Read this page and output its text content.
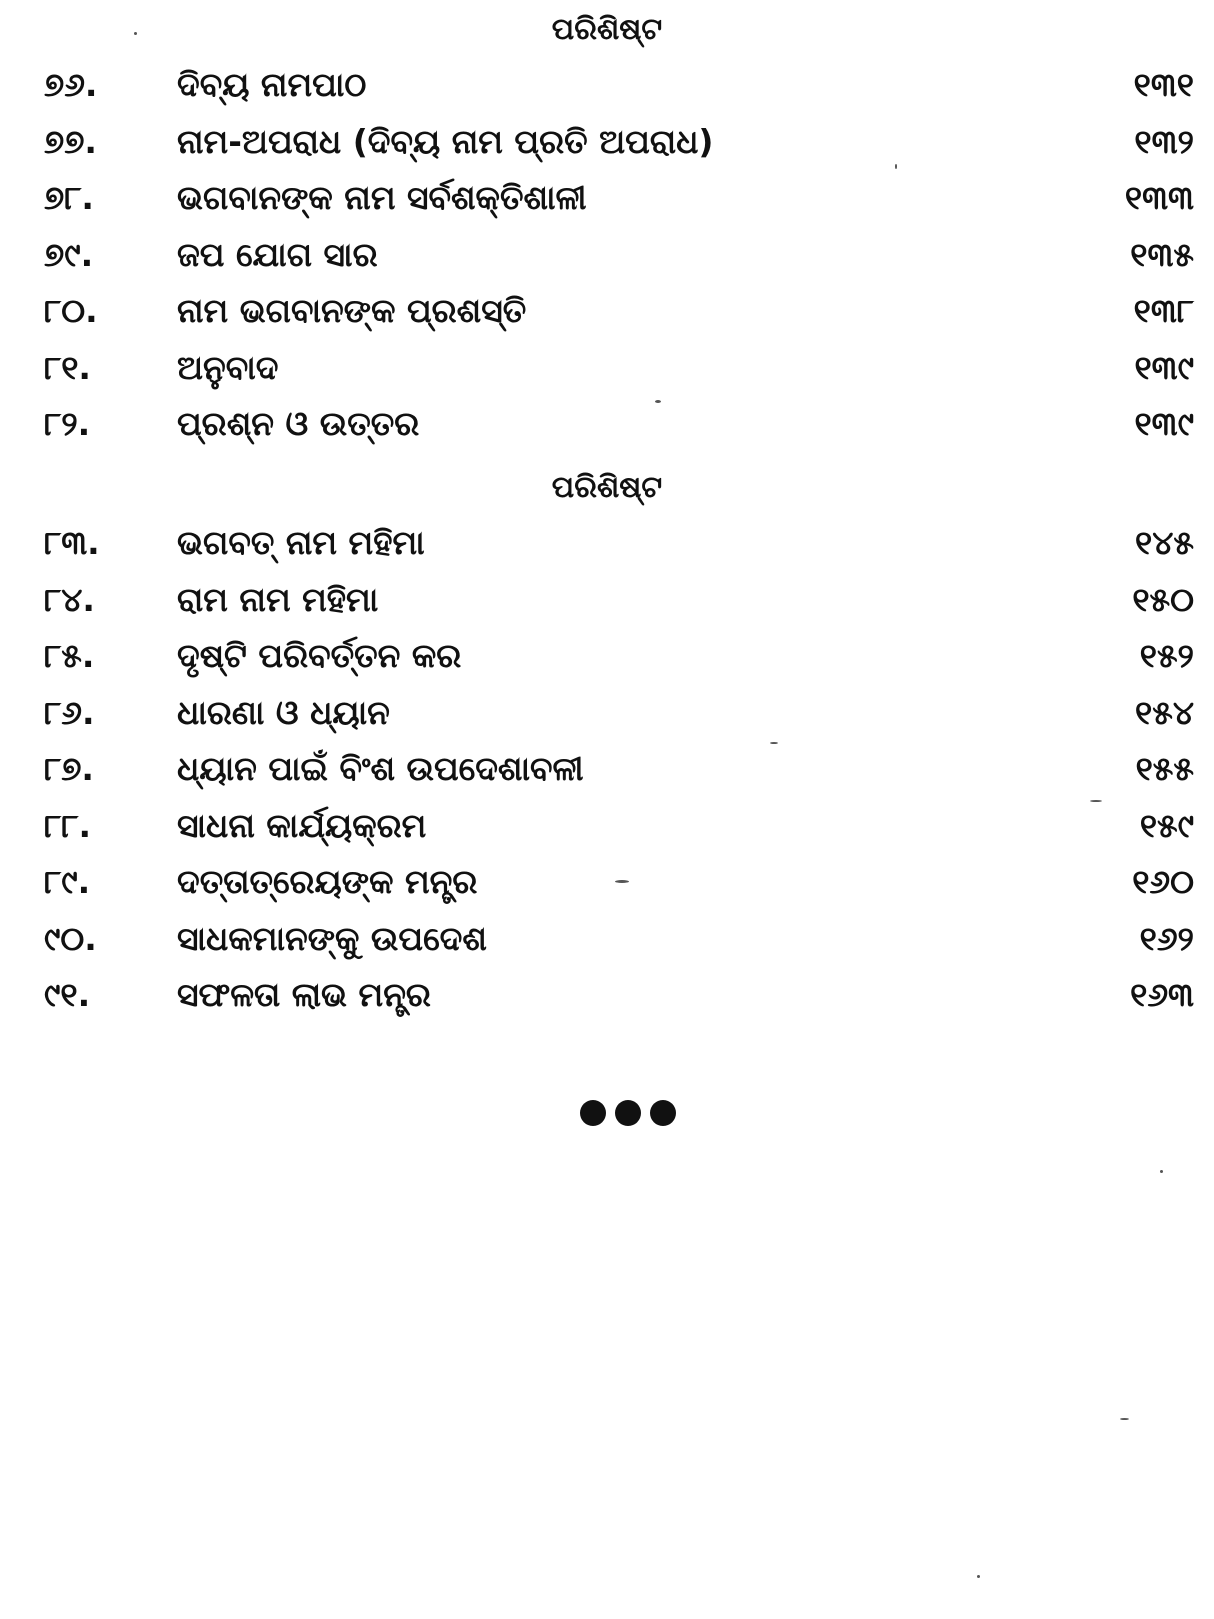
ପରିଶିଷ୍ଟ
୭୬. ଦିବ୍ୟ ନାମପାଠ	୧୩୧
୭୭. ନାମ-ଅପରାଧ (ଦିବ୍ୟ ନାମ ପ୍ରତି ଅପରାଧ)	୧୩୨
୭୮.	ଭଗବାନଙ୍କ ନାମ ସର୍ବଶକ୍ତିଶାଳୀ	୧୩୩
୭୯.	ଜପ ଯୋଗ ସାର	୧୩୫
୮୦. ନାମ ଭଗବାନଙ୍କ ପ୍ରଶସ୍ତି	୧୩୮
୮୧.	ଅନୁବାଦ	୧୩୯
୮୨.	ପ୍ରଶ୍ନ ଓ ଉତ୍ତର	୧୩୯
ପରିଶିଷ୍ଟ
୮୩. ଭଗବତ୍ ନାମ ମହିମା	୧୪୫
୮୪. ରାମ ନାମ ମହିମା	୧୫୦
୮୫.	ଦୃଷ୍ଟି ପରିବର୍ତ୍ତନ କର	୧୫୨
୮୬.	ଧାରଣା ଓ ଧ୍ୟାନ	୧୫୪
୮୭.	ଧ୍ୟାନ ପାଇଁ ବିଂଶ ଉପଦେଶାବଳୀ	୧୫୫
୮୮.	ସାଧନା କାର୍ଯ୍ୟକ୍ରମ	୧୫୯
୮୯.	ଦତ୍ତାତ୍ରେୟଙ୍କ ମନ୍ତ୍ର	୧୬୦
୯୦. ସାଧକମାନଙ୍କୁ ଉପଦେଶ	୧୬୨
୯୧.	ସଫଳତା ଲାଭ ମନ୍ତ୍ର	୧୬୩
